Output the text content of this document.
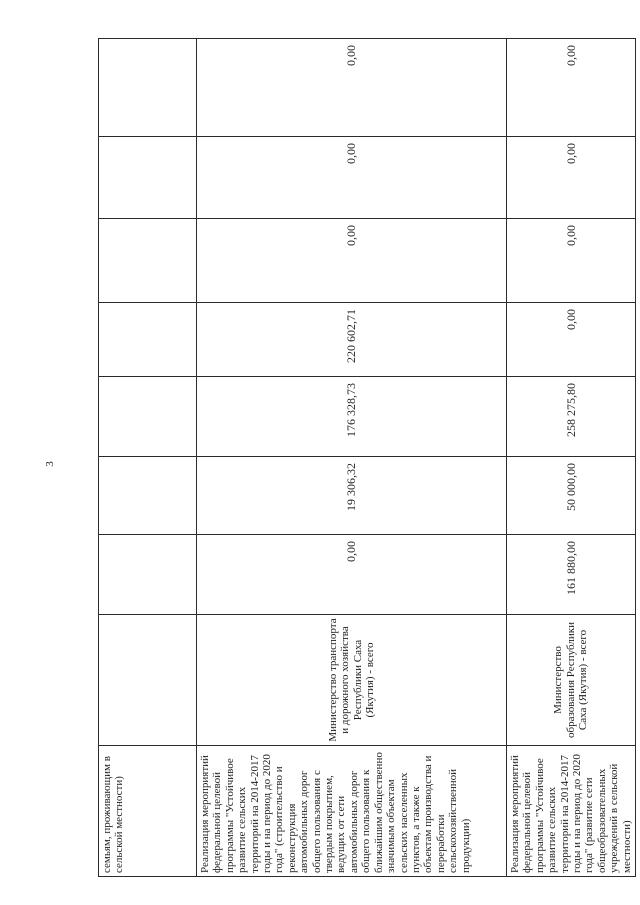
3
семьям, проживающим в сельской местности)								
Реализация мероприятий федеральной целевой программы "Устойчивое развитие сельских территорий на 2014-2017 годы и на период до 2020 года" (строительство и реконструкция автомобильных дорог общего пользования с твердым покрытием, ведущих от сети автомобильных дорог общего пользования к ближайшим общественно значимым объектам сельских населенных пунктов, а также к объектам производства и переработки сельскохозяйственной продукции)	Министерство транспорта и дорожного хозяйства Республики Саха (Якутия) - всего	0,00	19 306,32	176 328,73	220 602,71	0,00	0,00	0,00
Реализация мероприятий федеральной целевой программы "Устойчивое развитие сельских территорий на 2014-2017 годы и на период до 2020 года" (развитие сети общеобразовательных учреждений в сельской местности)	Министерство образования Республики Саха (Якутия) - всего	161 880,00	50 000,00	258 275,80	0,00	0,00	0,00	0,00
